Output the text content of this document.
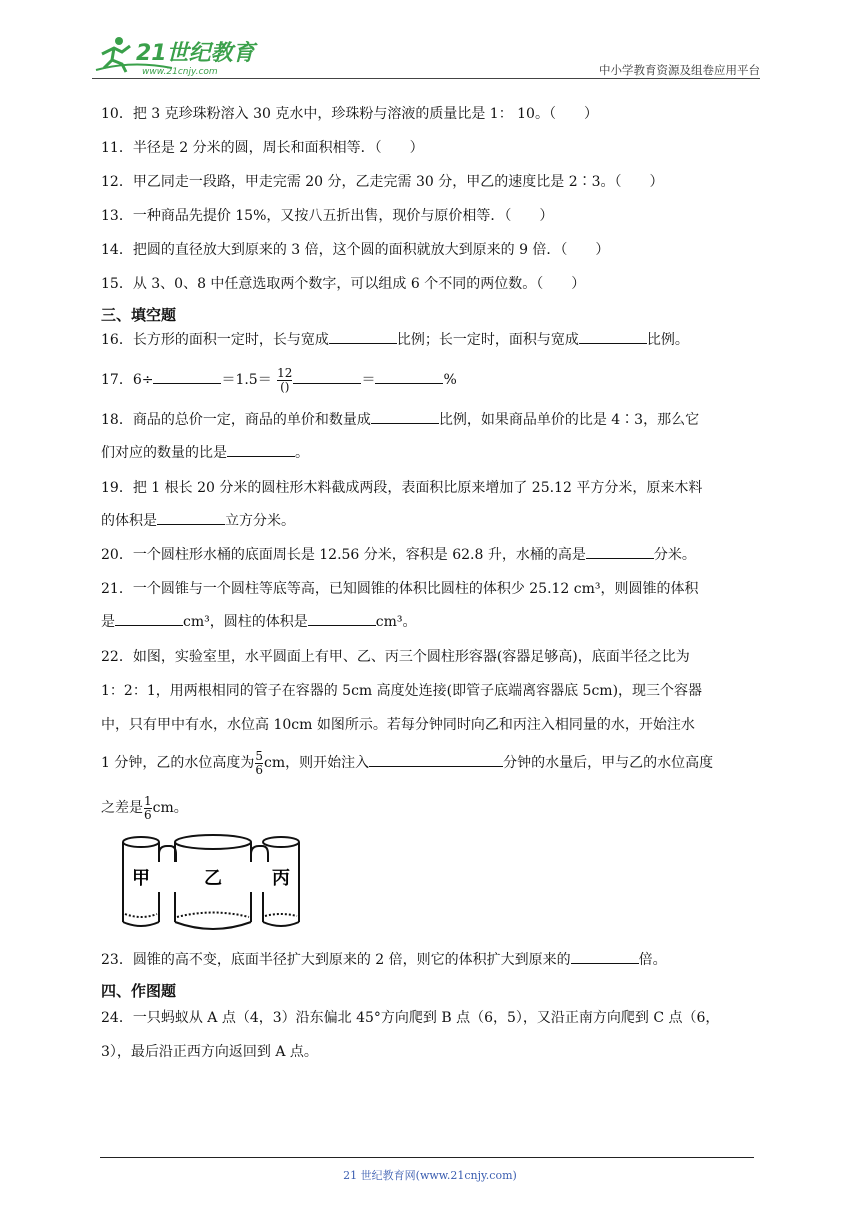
21世纪教育
www.21cnjy.com	中小学教育资源及组卷应用平台
10．把 3 克珍珠粉溶入 30 克水中，珍珠粉与溶液的质量比是 1： 10。（　　）
11．半径是 2 分米的圆，周长和面积相等．（　　）
12．甲乙同走一段路，甲走完需 20 分，乙走完需 30 分，甲乙的速度比是 2∶3。（　　）
13．一种商品先提价 15%，又按八五折出售，现价与原价相等．（　　）
14．把圆的直径放大到原来的 3 倍，这个圆的面积就放大到原来的 9 倍．（　　）
15．从 3、0、8 中任意选取两个数字，可以组成 6 个不同的两位数。（　　）
三、填空题
16．长方形的面积一定时，长与宽成	比例；长一定时，面积与宽成	比例。
17．6÷	$=1.5= \frac{12}{()}$	＝	%
18．商品的总价一定，商品的单价和数量成	比例，如果商品单价的比是 4∶3，那么它
们对应的数量的比是	。
19．把 1 根长 20 分米的圆柱形木料截成两段，表面积比原来增加了 25.12 平方分米，原来木料
的体积是	立方分米。
20．一个圆柱形水桶的底面周长是 12.56 分米，容积是 62.8 升，水桶的高是	分米。
21．一个圆锥与一个圆柱等底等高，已知圆锥的体积比圆柱的体积少 25.12 cm³，则圆锥的体积
是	cm³，圆柱的体积是	cm³。
22．如图，实验室里，水平圆面上有甲、乙、丙三个圆柱形容器(容器足够高)，底面半径之比为
1：2：1，用两根相同的管子在容器的 5cm 高度处连接(即管子底端离容器底 5cm)，现三个容器
中，只有甲中有水，水位高 10cm 如图所示。若每分钟同时向乙和丙注入相同量的水，开始注水
1 分钟，乙的水位高度为 $\frac{5}{6}$ cm，则开始注入	分钟的水量后，甲与乙的水位高度
之差是 $\frac{1}{6}$ cm。
甲	乙	丙
23．圆锥的高不变，底面半径扩大到原来的 2 倍，则它的体积扩大到原来的	倍。
四、作图题
24．一只蚂蚁从 A 点（4，3）沿东偏北 45°方向爬到 B 点（6，5），又沿正南方向爬到 C 点（6，
3），最后沿正西方向返回到 A 点。
21 世纪教育网(www.21cnjy.com)
